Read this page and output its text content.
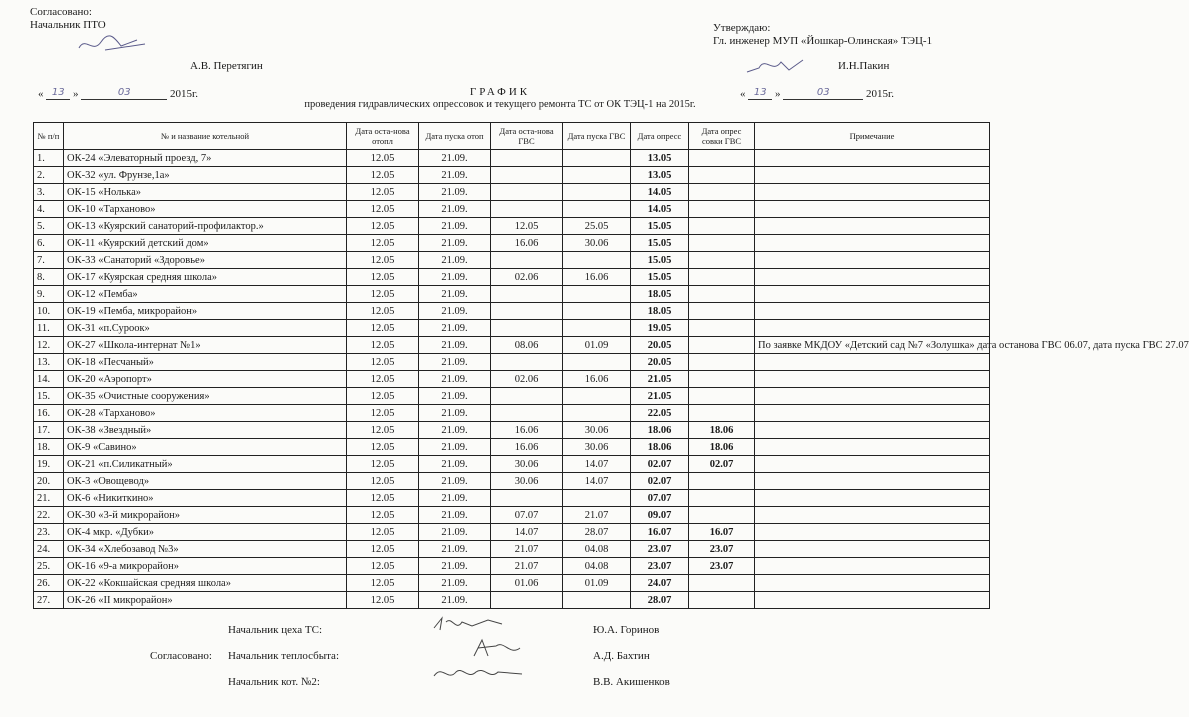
Согласовано:
Начальник ПТО
А.В. Перетягин
« 13 »	03	2015г.
Утверждаю:
Гл. инженер МУП «Йошкар-Олинская» ТЭЦ-1
И.Н.Пакин
« 13 »	03	2015г.
ГРАФИК
проведения гидравлических опрессовок и текущего ремонта ТС от ОК ТЭЦ-1 на 2015г.
№ п/п	№ и название котельной	Дата оста-нова отопл	Дата пуска отоп	Дата оста-нова ГВС	Дата пуска ГВС	Дата опресс	Дата опрес совки ГВС	Примечание
1.	ОК-24 «Элеваторный проезд, 7»	12.05	21.09.			13.05		
2.	ОК-32 «ул. Фрунзе,1а»	12.05	21.09.			13.05		
3.	ОК-15 «Нолька»	12.05	21.09.			14.05		
4.	ОК-10 «Тарханово»	12.05	21.09.			14.05		
5.	ОК-13 «Куярский санаторий-профилактор.»	12.05	21.09.	12.05	25.05	15.05		
6.	ОК-11 «Куярский детский дом»	12.05	21.09.	16.06	30.06	15.05		
7.	ОК-33 «Санаторий «Здоровье»	12.05	21.09.			15.05		
8.	ОК-17 «Куярская средняя школа»	12.05	21.09.	02.06	16.06	15.05		
9.	ОК-12 «Пемба»	12.05	21.09.			18.05		
10.	ОК-19 «Пемба, микрорайон»	12.05	21.09.			18.05		
11.	ОК-31 «п.Суроок»	12.05	21.09.			19.05		
12.	ОК-27 «Школа-интернат №1»	12.05	21.09.	08.06	01.09	20.05		По заявке МКДОУ «Детский сад №7 «Золушка» дата останова ГВС 06.07, дата пуска ГВС 27.07
13.	ОК-18 «Песчаный»	12.05	21.09.			20.05		
14.	ОК-20 «Аэропорт»	12.05	21.09.	02.06	16.06	21.05		
15.	ОК-35 «Очистные сооружения»	12.05	21.09.			21.05		
16.	ОК-28 «Тарханово»	12.05	21.09.			22.05		
17.	ОК-38 «Звездный»	12.05	21.09.	16.06	30.06	18.06	18.06	
18.	ОК-9 «Савино»	12.05	21.09.	16.06	30.06	18.06	18.06	
19.	ОК-21 «п.Силикатный»	12.05	21.09.	30.06	14.07	02.07	02.07	
20.	ОК-3 «Овощевод»	12.05	21.09.	30.06	14.07	02.07		
21.	ОК-6 «Никиткино»	12.05	21.09.			07.07		
22.	ОК-30 «3-й микрорайон»	12.05	21.09.	07.07	21.07	09.07		
23.	ОК-4 мкр. «Дубки»	12.05	21.09.	14.07	28.07	16.07	16.07	
24.	ОК-34 «Хлебозавод №3»	12.05	21.09.	21.07	04.08	23.07	23.07	
25.	ОК-16 «9-а микрорайон»	12.05	21.09.	21.07	04.08	23.07	23.07	
26.	ОК-22 «Кокшайская средняя школа»	12.05	21.09.	01.06	01.09	24.07		
27.	ОК-26 «II микрорайон»	12.05	21.09.			28.07		
Начальник цеха ТС:	Ю.А. Горинов
Согласовано: Начальник теплосбыта:	А.Д. Бахтин
Начальник кот. №2:	В.В. Акишенков
